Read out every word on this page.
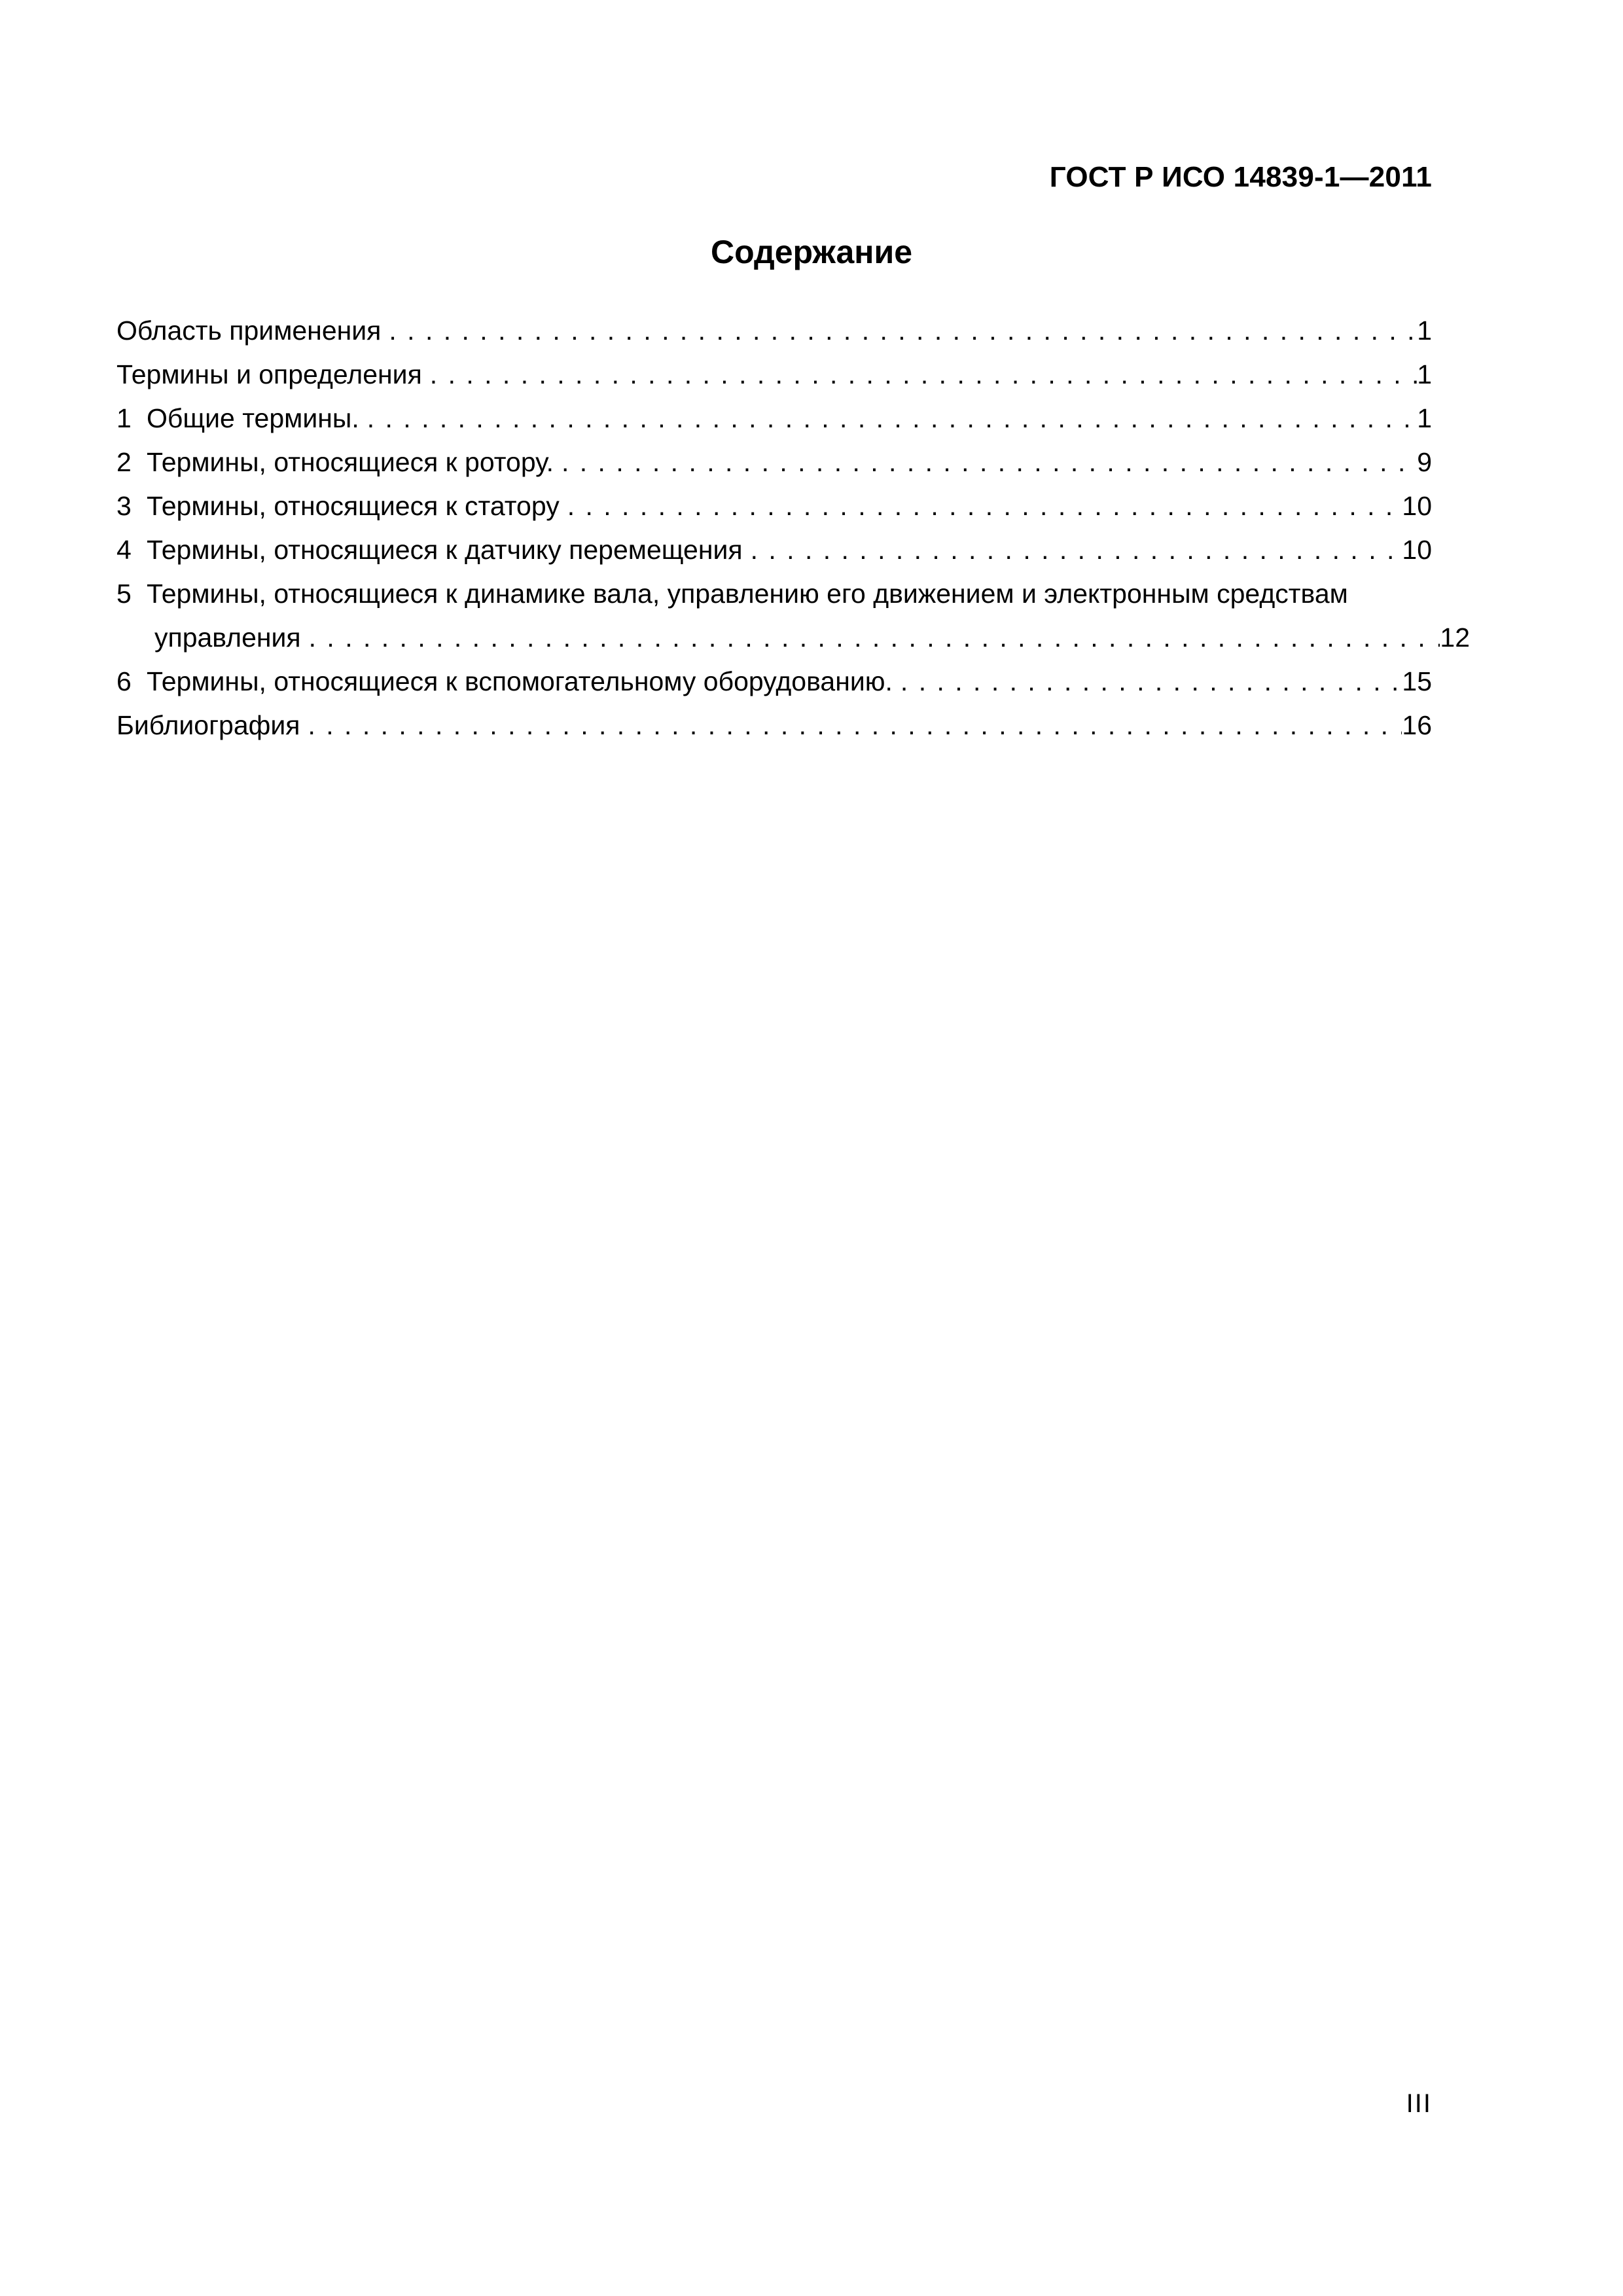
ГОСТ Р ИСО 14839-1—2011
Содержание
Область применения . . .	1
Термины и определения . . .	1
1 Общие термины. . . .	1
2 Термины, относящиеся к ротору. . . .	9
3 Термины, относящиеся к статору . . .	10
4 Термины, относящиеся к датчику перемещения . . .	10
5 Термины, относящиеся к динамике вала, управлению его движением и электронным средствам
управления . . .	12
6 Термины, относящиеся к вспомогательному оборудованию. . . .	15
Библиография . . .	16
III
